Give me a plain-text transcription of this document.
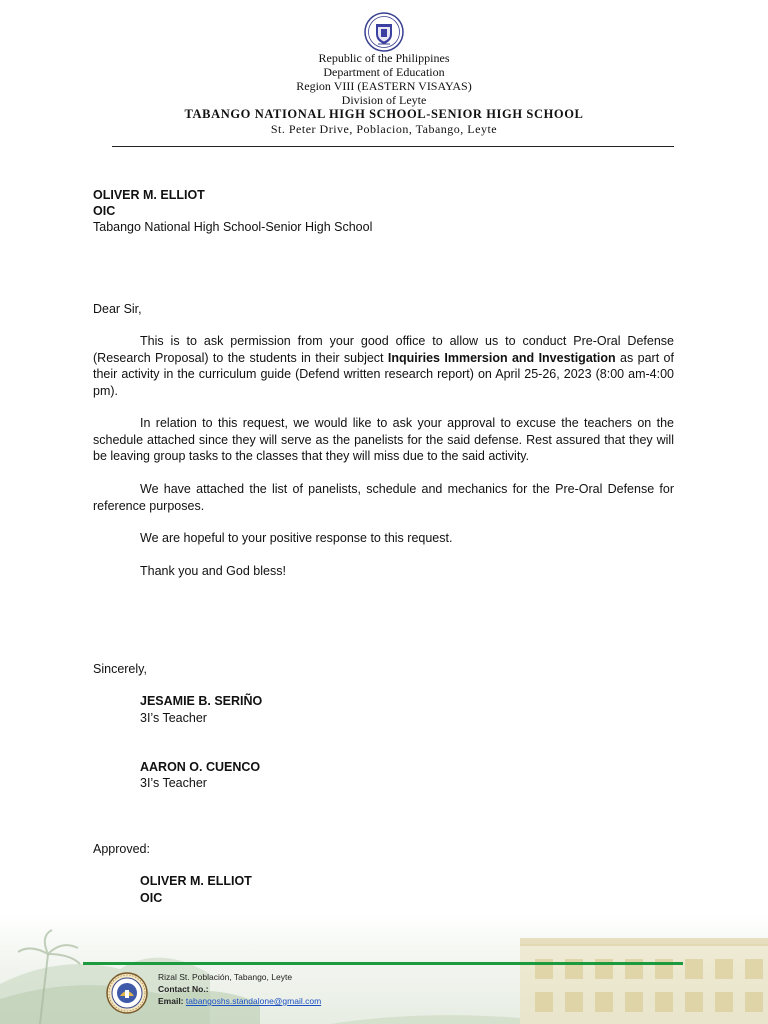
Republic of the Philippines
Department of Education
Region VIII (EASTERN VISAYAS)
Division of Leyte
TABANGO NATIONAL HIGH SCHOOL-SENIOR HIGH SCHOOL
St. Peter Drive, Poblacion, Tabango, Leyte
OLIVER M. ELLIOT
OIC
Tabango National High School-Senior High School
Dear Sir,

This is to ask permission from your good office to allow us to conduct Pre-Oral Defense (Research Proposal) to the students in their subject Inquiries Immersion and Investigation as part of their activity in the curriculum guide (Defend written research report) on April 25-26, 2023 (8:00 am-4:00 pm).

In relation to this request, we would like to ask your approval to excuse the teachers on the schedule attached since they will serve as the panelists for the said defense. Rest assured that they will be leaving group tasks to the classes that they will miss due to the said activity.

We have attached the list of panelists, schedule and mechanics for the Pre-Oral Defense for reference purposes.

We are hopeful to your positive response to this request.

Thank you and God bless!

Sincerely,
JESAMIE B. SERIÑO
3I’s Teacher
AARON O. CUENCO
3I’s Teacher
Approved:
OLIVER M. ELLIOT
OIC
Rizal St. Población, Tabango, Leyte
Contact No.:
Email: tabangoshs.standalone@gmail.com
